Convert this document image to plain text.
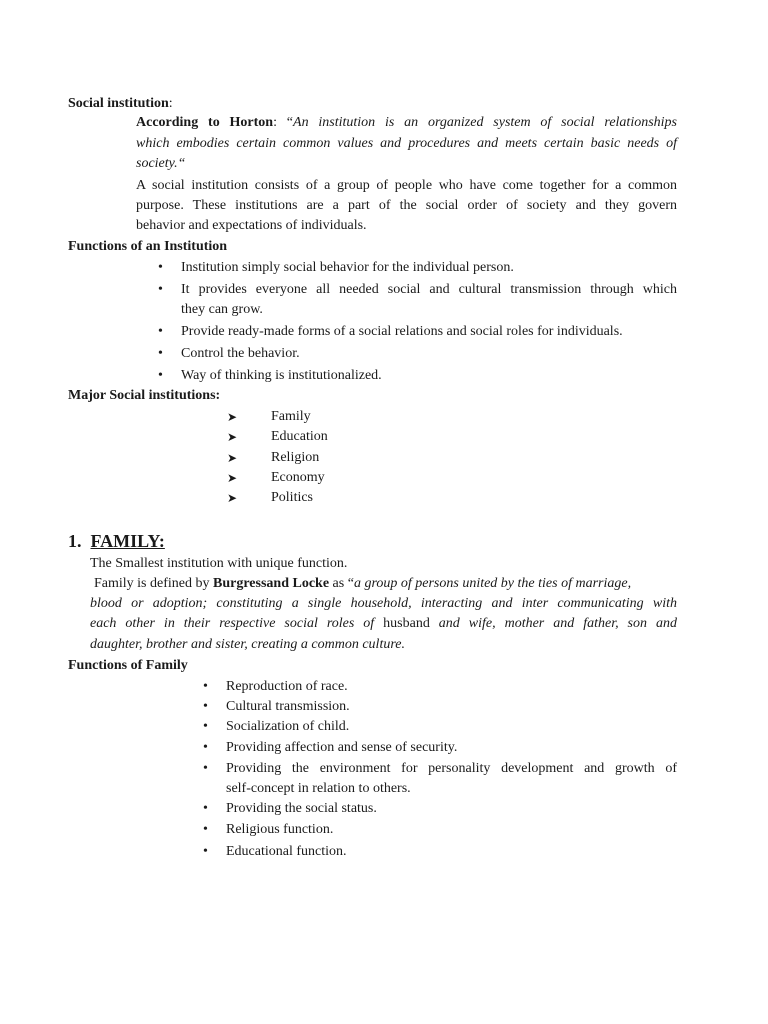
Social institution:
According to Horton: “An institution is an organized system of social relationships
which embodies certain common values and procedures and meets certain basic needs of
society.“
A social institution consists of a group of people who have come together for a common
purpose. These institutions are a part of the social order of society and they govern
behavior and expectations of individuals.
Functions of an Institution
• Institution simply social behavior for the individual person.
• It provides everyone all needed social and cultural transmission through which
they can grow.
• Provide ready-made forms of a social relations and social roles for individuals.
• Control the behavior.
• Way of thinking is institutionalized.
Major Social institutions:
➤ Family
➤ Education
➤ Religion
➤ Economy
➤ Politics
1. FAMILY:
The Smallest institution with unique function.
Family is defined by Burgressand Locke as “a group of persons united by the ties of marriage,
blood or adoption; constituting a single household, interacting and inter communicating with
each other in their respective social roles of husband and wife, mother and father, son and
daughter, brother and sister, creating a common culture.
Functions of Family
• Reproduction of race.
• Cultural transmission.
• Socialization of child.
• Providing affection and sense of security.
• Providing the environment for personality development and growth of
self-concept in relation to others.
• Providing the social status.
• Religious function.
• Educational function.
